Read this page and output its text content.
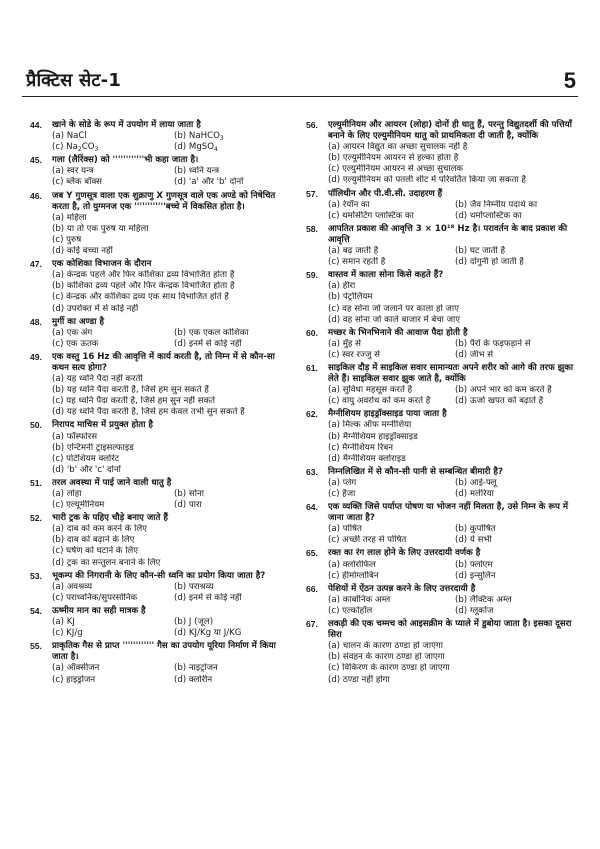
प्रैक्टिस सेट-1	5
44. खाने के सोडे के रूप में उपयोग में लाया जाता है
(a) NaCl	(b) NaHCO$_3$
(c) $Na_2CO_3$	(d) MgSO$_4$
45. गला (लैरिंक्स) को ''''''''''''भी कहा जाता है।
(a) स्वर यन्त्र	(b) ध्वनि यन्त्र
(c) ब्लैक बॉक्स	(d) 'a' और 'b' दोनों
46. जब Y गुणसूत्र वाला एक शुक्राणु X गुणसूत्र वाले एक अण्डे को निषेचित करता है, तो युग्मनज एक ''''''''''''बच्चे में विकसित होता है।
(a) महिला
(b) या तो एक पुरुष या महिला
(c) पुरुष
(d) कोई बच्चा नहीं
47. एक कोशिका विभाजन के दौरान
(a) केन्द्रक पहले और फिर कोशिका द्रव्य विभाजित होता है
(b) कोशिका द्रव्य पहले और फिर केन्द्रक विभाजित होता है
(c) केन्द्रक और कोशिका द्रव्य एक साथ विभाजित होते हैं
(d) उपरोक्त में से कोई नहीं
48. मुर्गी का अण्डा है
(a) एक अंग	(b) एक एकल कोशिका
(c) एक ऊतक	(d) इनमें से कोई नहीं
49. एक वस्तु 16 Hz की आवृत्ति में कार्य करती है, तो निम्न में से कौन-सा कथन सत्य होगा?
(a) यह ध्वनि पैदा नहीं करती
(b) यह ध्वनि पैदा करती है, जिसे हम सुन सकते हैं
(c) यह ध्वनि पैदा करती है, जिसे हम सुन नहीं सकते
(d) यह ध्वनि पैदा करती है, जिसे हम केवल तभी सुन सकते हैं
50. निरापद माचिस में प्रयुक्त होता है
(a) फॉस्फोरस
(b) एन्टिमनी ट्राइसल्फाइड
(c) पोटेशियम क्लोरेट
(d) 'b' और 'c' दोनों
51. तरल अवस्था में पाई जाने वाली धातु है
(a) लोहा	(b) सोना
(c) एल्यूमीनियम	(d) पारा
52. भारी ट्रक के पहिए चौड़े बनाए जाते हैं
(a) दाब को कम करने के लिए
(b) दाब को बढ़ाने के लिए
(c) घर्षण को घटाने के लिए
(d) ट्रक का सन्तुलन बनाने के लिए
53. भूकम्प की निगरानी के लिए कौन-सी ध्वनि का प्रयोग किया जाता है?
(a) अवश्रव्य	(b) पराश्रव्य
(c) पराध्वनिक/सुपरसोनिक	(d) इनमें से कोई नहीं
54. ऊष्मीय मान का सही मात्रक है
(a) KJ	(b) J (जूल)
(c) KJ/g	(d) KJ/Kg या J/KG
55. प्राकृतिक गैस से प्राप्त '''''''''''' गैस का उपयोग यूरिया निर्माण में किया जाता है।
(a) ऑक्सीजन	(b) नाइट्रोजन
(c) हाइड्रोजन	(d) क्लोरीन
56. एल्युमीनियम और आयरन (लोहा) दोनों ही धातु हैं, परन्तु विद्युतदर्शी की पत्तियाँ बनाने के लिए एल्युमीनियम धातु को प्राथमिकता दी जाती है, क्योंकि
(a) आयरन विद्युत का अच्छा सुचालक नहीं है
(b) एल्युमीनियम आयरन से हल्का होता है
(c) एल्युमीनियम आयरन से अच्छा सुचालक
(d) एल्युमीनियम को पतली शीट में परिवर्तित किया जा सकता है
57. पॉलिथीन और पी.वी.सी. उदाहरण हैं
(a) रेयॉन का	(b) जैव निम्नीय पदार्थ का
(c) थर्मोसेटिंग प्लास्टिक का	(d) थर्मोप्लास्टिक का
58. आपतित प्रकाश की आवृत्ति 3 × 10¹⁸ Hz है। परावर्तन के बाद प्रकाश की आवृत्ति
(a) बढ़ जाती है	(b) घट जाती है
(c) समान रहती है	(d) दोगुनी हो जाती है
59. वास्तव में काला सोना किसे कहते हैं?
(a) हीरा
(b) पेट्रोलियम
(c) वह सोना जो जलाने पर काला हो जाए
(d) वह सोना जो काले बाजार में बेचा जाए
60. मच्छर के भिनभिनाने की आवाज पैदा होती है
(a) मुँह से	(b) पैरों के फड़फड़ाने से
(c) स्वर रज्जु से	(d) जीभ से
61. साइकिल दौड़ में साइकिल सवार सामान्यतः अपने शरीर को आगे की तरफ झुका लेते हैं। साइकिल सवार झुक जाते है, क्योंकि
(a) सुविधा महसूस करते है	(b) अपने भार को कम करते है
(c) वायु अवरोध को कम करते है	(d) ऊर्जा खपत को बढ़ाते है
62. मैग्नीशियम हाइड्रॉक्साइड पाया जाता है
(a) मिल्क ऑफ मग्नीशिया
(b) मैग्नीशियम हाइड्रॉक्साइड
(c) मैग्नीशियम रिबन
(d) मैग्नीशियम क्लोराइड
63. निम्नलिखित में से कौन-सी पानी से सम्बन्धित बीमारी है?
(a) प्लेग	(b) आई-फ्लू
(c) हैजा	(d) मलेरिया
64. एक व्यक्ति जिसे पर्याप्त पोषण या भोजन नहीं मिलता है, उसे निम्न के रूप में जाना जाता है?
(a) पोषित	(b) कुपोषित
(c) अच्छी तरह से पोषित	(d) ये सभी
65. रक्त का रंग लाल होने के लिए उत्तरदायी वर्णक है
(a) क्लोरोफिल	(b) फ्लोएम
(c) हीमोग्लोबिन	(d) इन्सुलिन
66. पेशियों में ऐंठन उत्पन्न करने के लिए उत्तरदायी है
(a) कार्बोनिक अम्ल	(b) लैक्टिक अम्ल
(c) एल्कोहॉल	(d) ग्लूकोज
67. लकड़ी की एक चम्मच को आइसक्रीम के प्याले में डुबोया जाता है। इसका दूसरा सिरा
(a) चालन के कारण ठण्डा हो जाएगा
(b) संवहन के कारण ठण्डा हो जाएगा
(c) विकिरण के कारण ठण्डा हो जाएगा
(d) ठण्डा नहीं होगा
